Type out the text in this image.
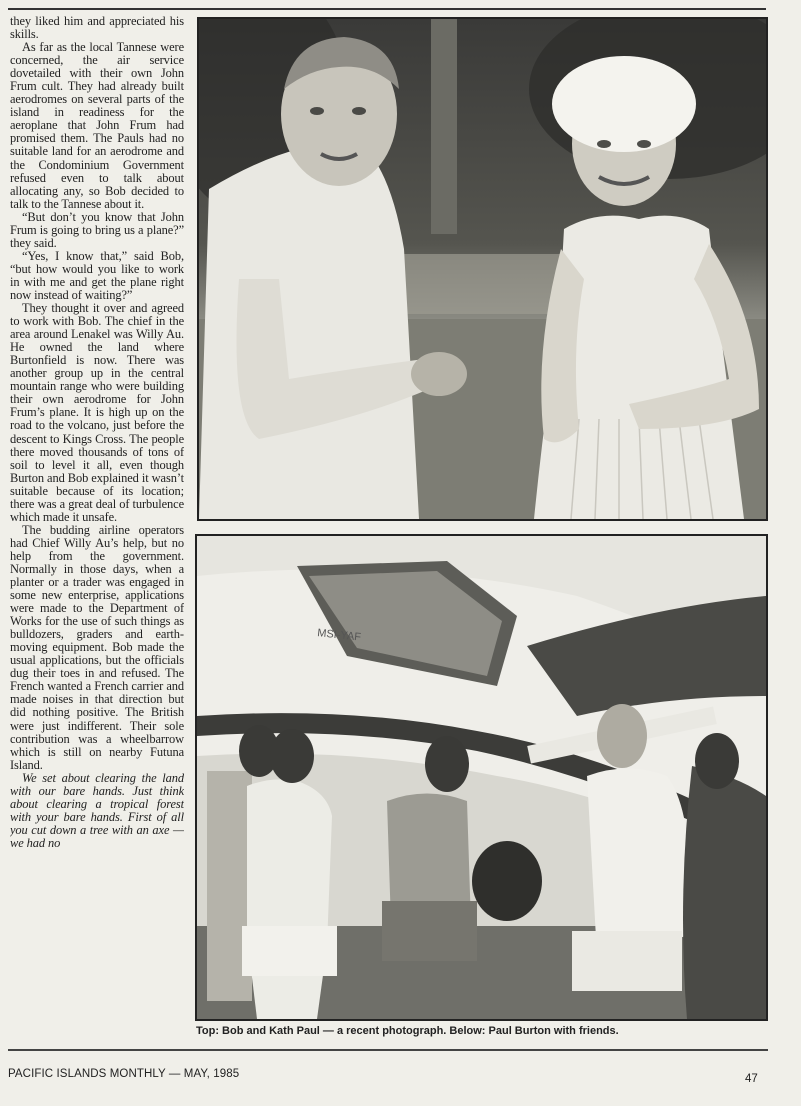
they liked him and appreciated his skills.

As far as the local Tannese were concerned, the air service dovetailed with their own John Frum cult. They had already built aerodromes on several parts of the island in readiness for the aeroplane that John Frum had promised them. The Pauls had no suitable land for an aerodrome and the Condominium Government refused even to talk about allocating any, so Bob decided to talk to the Tannese about it.

“But don’t you know that John Frum is going to bring us a plane?” they said.

“Yes, I know that,” said Bob, “but how would you like to work in with me and get the plane right now instead of waiting?”

They thought it over and agreed to work with Bob. The chief in the area around Lenakel was Willy Au. He owned the land where Burtonfield is now. There was another group up in the central mountain range who were building their own aerodrome for John Frum’s plane. It is high up on the road to the volcano, just before the descent to Kings Cross. The people there moved thousands of tons of soil to level it all, even though Burton and Bob explained it wasn’t suitable because of its location; there was a great deal of turbulence which made it unsafe.

The budding airline operators had Chief Willy Au’s help, but no help from the government. Normally in those days, when a planter or a trader was engaged in some new enterprise, applications were made to the Department of Works for the use of such things as bulldozers, graders and earthmoving equipment. Bob made the usual applications, but the officials dug their toes in and refused. The French wanted a French carrier and made noises in that direction but did nothing positive. The British were just indifferent. Their sole contribution was a wheelbarrow which is still on nearby Futuna Island.

We set about clearing the land with our bare hands. Just think about clearing a tropical forest with your bare hands. First of all you cut down a tree with an axe — we had no

MSI-YAF
Top: Bob and Kath Paul — a recent photograph. Below: Paul Burton with friends.
PACIFIC ISLANDS MONTHLY — MAY, 1985	47
